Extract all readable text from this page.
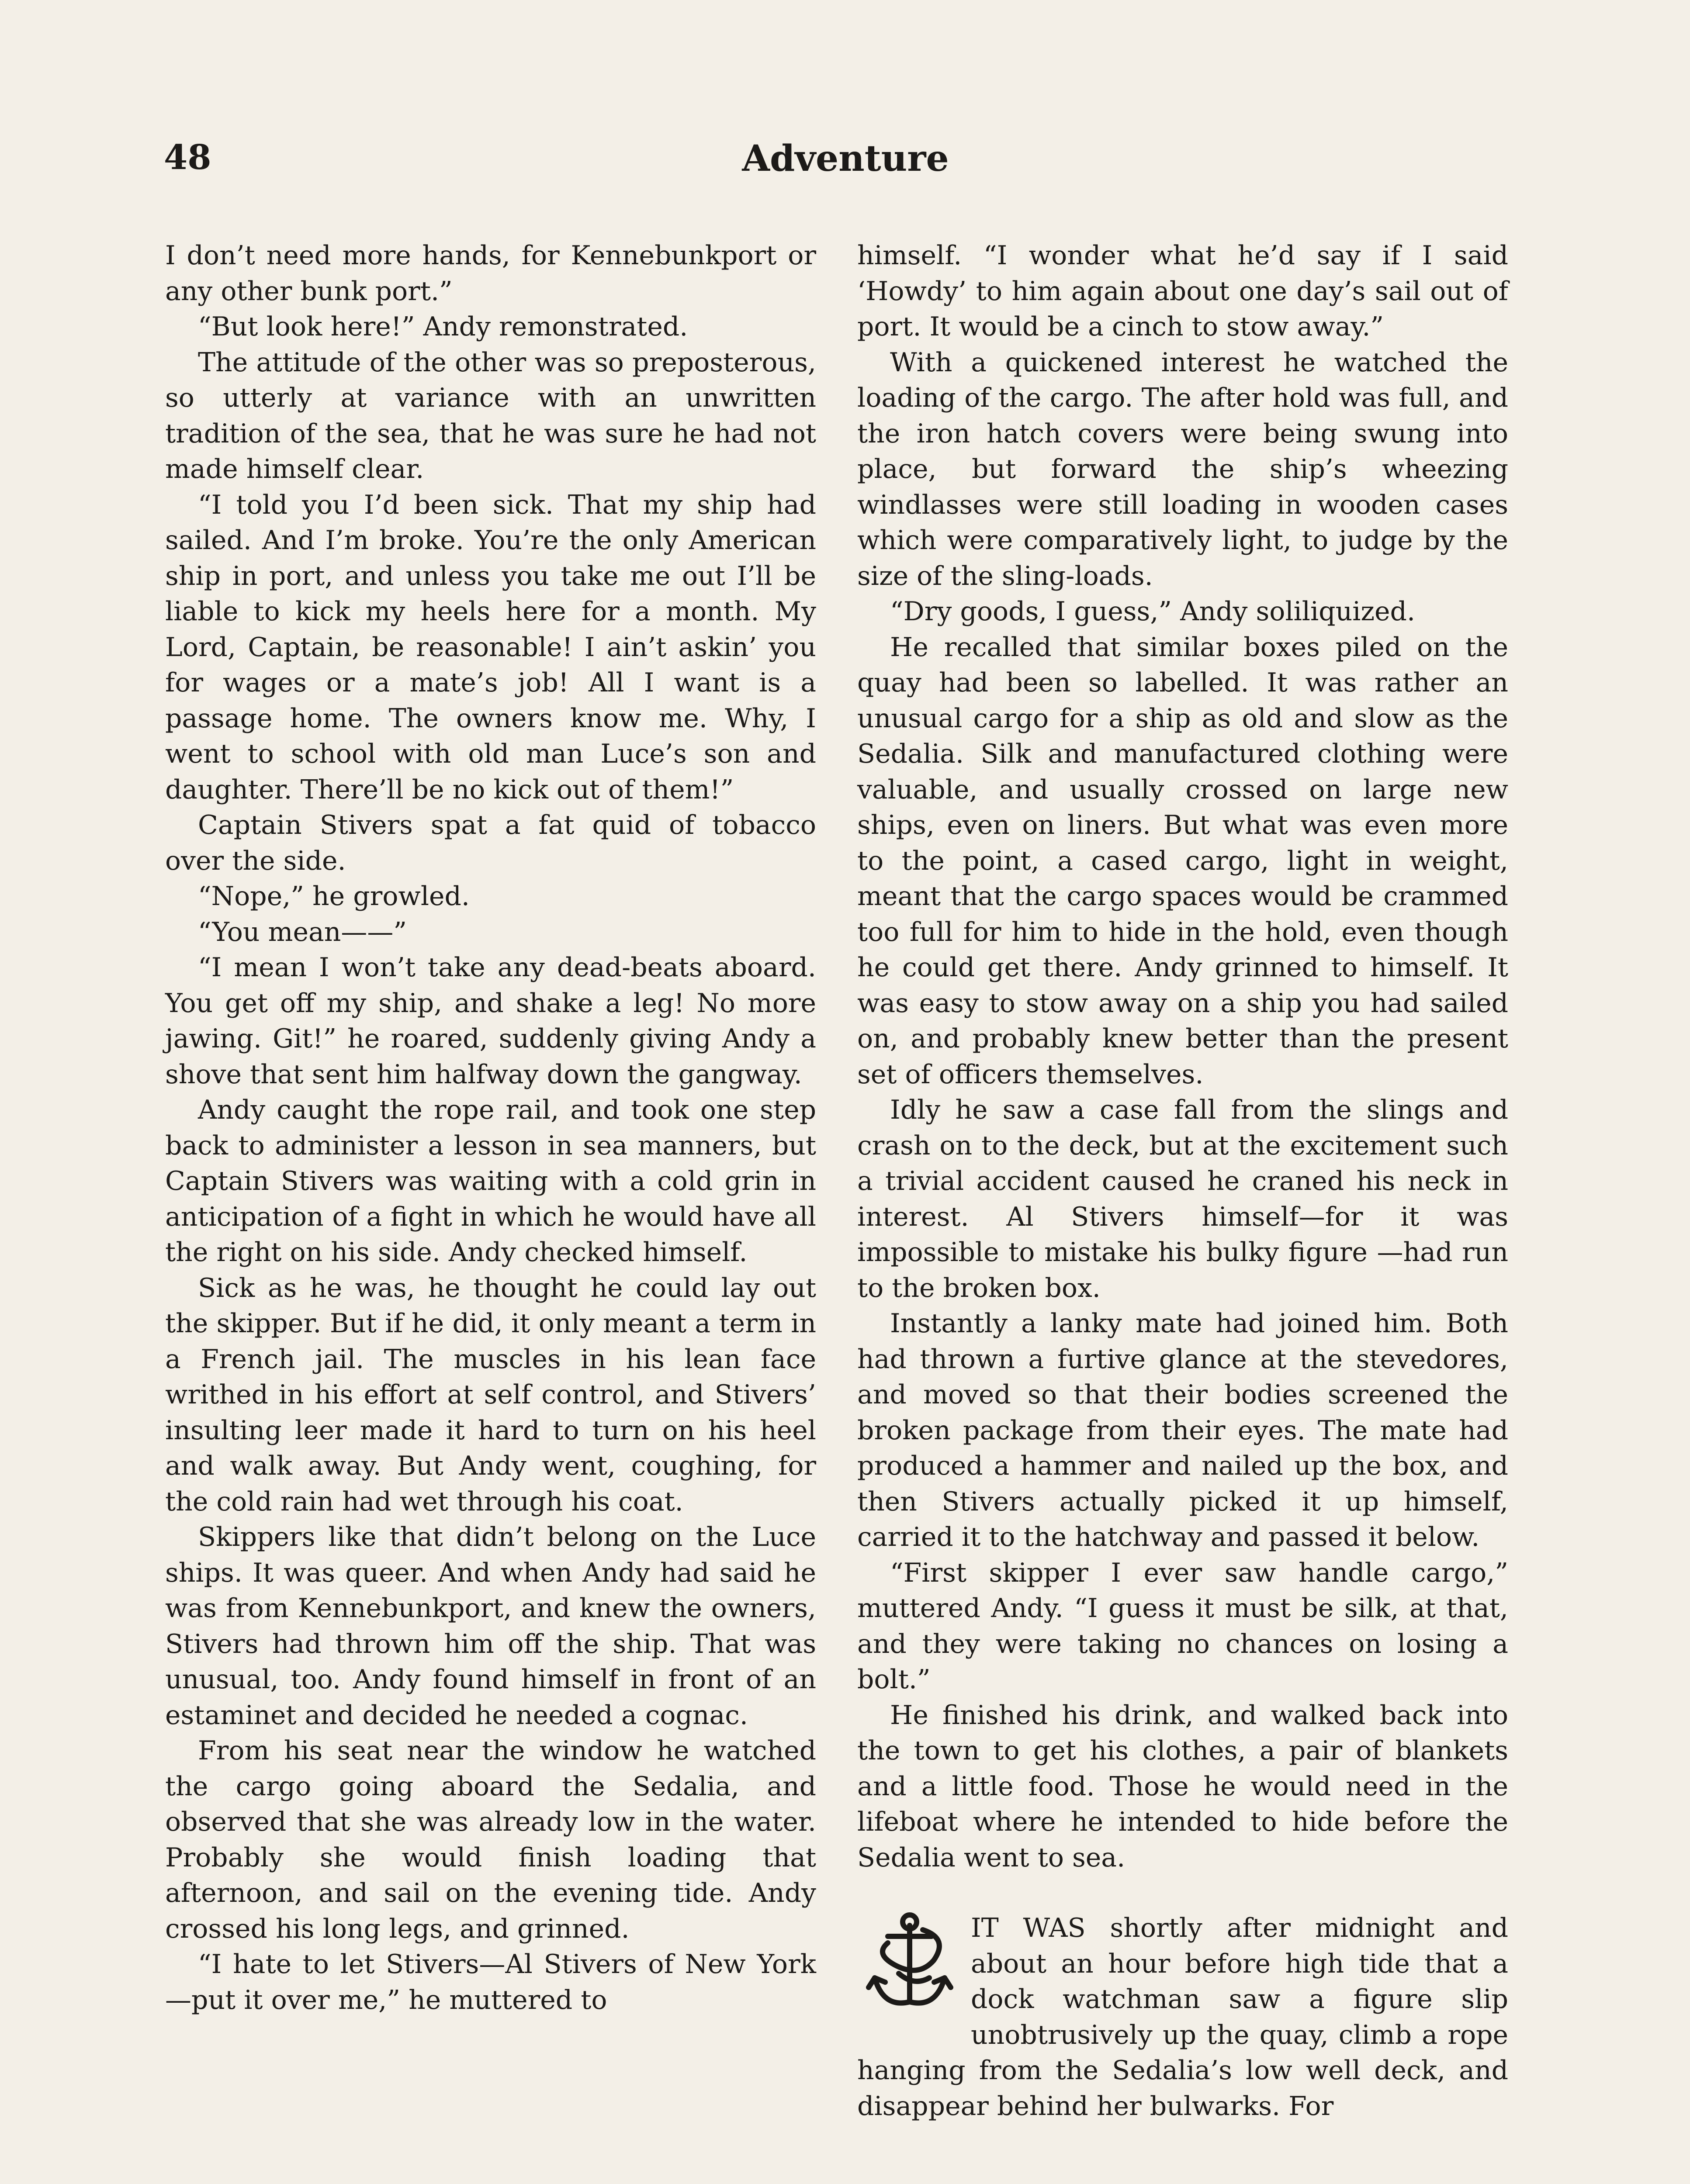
Adventure
48

I don’t need more hands, for Kennebunkport or any other bunk port.”

“But look here!” Andy remonstrated.

The attitude of the other was so preposterous, so utterly at variance with an unwritten tradition of the sea, that he was sure he had not made himself clear.

“I told you I’d been sick. That my ship had sailed. And I’m broke. You’re the only American ship in port, and unless you take me out I’ll be liable to kick my heels here for a month. My Lord, Captain, be reasonable! I ain’t askin’ you for wages or a mate’s job! All I want is a passage home. The owners know me. Why, I went to school with old man Luce’s son and daughter. There’ll be no kick out of them!”

Captain Stivers spat a fat quid of tobacco over the side.

“Nope,” he growled.

“You mean——”

“I mean I won’t take any dead-beats aboard. You get off my ship, and shake a leg! No more jawing. Git!” he roared, suddenly giving Andy a shove that sent him halfway down the gangway.

Andy caught the rope rail, and took one step back to administer a lesson in sea manners, but Captain Stivers was waiting with a cold grin in anticipation of a fight in which he would have all the right on his side. Andy checked himself.

Sick as he was, he thought he could lay out the skipper. But if he did, it only meant a term in a French jail. The muscles in his lean face writhed in his effort at self control, and Stivers’ insulting leer made it hard to turn on his heel and walk away. But Andy went, coughing, for the cold rain had wet through his coat.

Skippers like that didn’t belong on the Luce ships. It was queer. And when Andy had said he was from Kennebunkport, and knew the owners, Stivers had thrown him off the ship. That was unusual, too. Andy found himself in front of an estaminet and decided he needed a cognac.

From his seat near the window he watched the cargo going aboard the Sedalia, and observed that she was already low in the water. Probably she would finish loading that afternoon, and sail on the evening tide. Andy crossed his long legs, and grinned.

“I hate to let Stivers—Al Stivers of New York—put it over me,” he muttered to

himself. “I wonder what he’d say if I said ‘Howdy’ to him again about one day’s sail out of port. It would be a cinch to stow away.”

With a quickened interest he watched the loading of the cargo. The after hold was full, and the iron hatch covers were being swung into place, but forward the ship’s wheezing windlasses were still loading in wooden cases which were comparatively light, to judge by the size of the sling-loads.

“Dry goods, I guess,” Andy soliliquized.

He recalled that similar boxes piled on the quay had been so labelled. It was rather an unusual cargo for a ship as old and slow as the Sedalia. Silk and manufactured clothing were valuable, and usually crossed on large new ships, even on liners. But what was even more to the point, a cased cargo, light in weight, meant that the cargo spaces would be crammed too full for him to hide in the hold, even though he could get there. Andy grinned to himself. It was easy to stow away on a ship you had sailed on, and probably knew better than the present set of officers themselves.

Idly he saw a case fall from the slings and crash on to the deck, but at the excitement such a trivial accident caused he craned his neck in interest. Al Stivers himself—for it was impossible to mistake his bulky figure —had run to the broken box.

Instantly a lanky mate had joined him. Both had thrown a furtive glance at the stevedores, and moved so that their bodies screened the broken package from their eyes. The mate had produced a hammer and nailed up the box, and then Stivers actually picked it up himself, carried it to the hatchway and passed it below.

“First skipper I ever saw handle cargo,” muttered Andy. “I guess it must be silk, at that, and they were taking no chances on losing a bolt.”

He finished his drink, and walked back into the town to get his clothes, a pair of blankets and a little food. Those he would need in the lifeboat where he intended to hide before the Sedalia went to sea.

IT WAS shortly after midnight and about an hour before high tide that a dock watchman saw a figure slip unobtrusively up the quay, climb a rope hanging from the Sedalia’s low well deck, and disappear behind her bulwarks. For
